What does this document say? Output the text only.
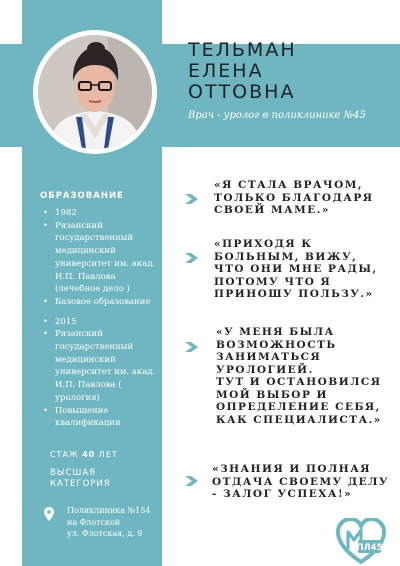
ТЕЛЬМАН
ЕЛЕНА
ОТТОВНА
Врач - уролог в поликлинике №45
ОБРАЗОВАНИЕ
• 1982
• Рязанский государственный медицинский университет им. акад. И.П. Павлова (лечебное дело )
• Базовое образование
• 2015
• Рязанский государственный медицинский университет им. акад. И.П. Павлова ( урология)
• Повышение квалификации
СТАЖ 40 ЛЕТ
ВЫСШАЯ
КАТЕГОРИЯ
Поликлиника №154
на Флотской
ул. Флотская, д. 9
«Я СТАЛА ВРАЧОМ,
ТОЛЬКО БЛАГОДАРЯ
СВОЕЙ МАМЕ.»
«ПРИХОДЯ К
БОЛЬНЫМ, ВИЖУ,
ЧТО ОНИ МНЕ РАДЫ,
ПОТОМУ ЧТО Я
ПРИНОШУ ПОЛЬЗУ.»
«У МЕНЯ БЫЛА
ВОЗМОЖНОСТЬ
ЗАНИМАТЬСЯ
УРОЛОГИЕЙ.
ТУТ И ОСТАНОВИЛСЯ
МОЙ ВЫБОР И
ОПРЕДЕЛЕНИЕ СЕБЯ,
КАК СПЕЦИАЛИСТА.»
«ЗНАНИЯ И ПОЛНАЯ
ОТДАЧА СВОЕМУ ДЕЛУ
- ЗАЛОГ УСПЕХА!»
ПЛ45
